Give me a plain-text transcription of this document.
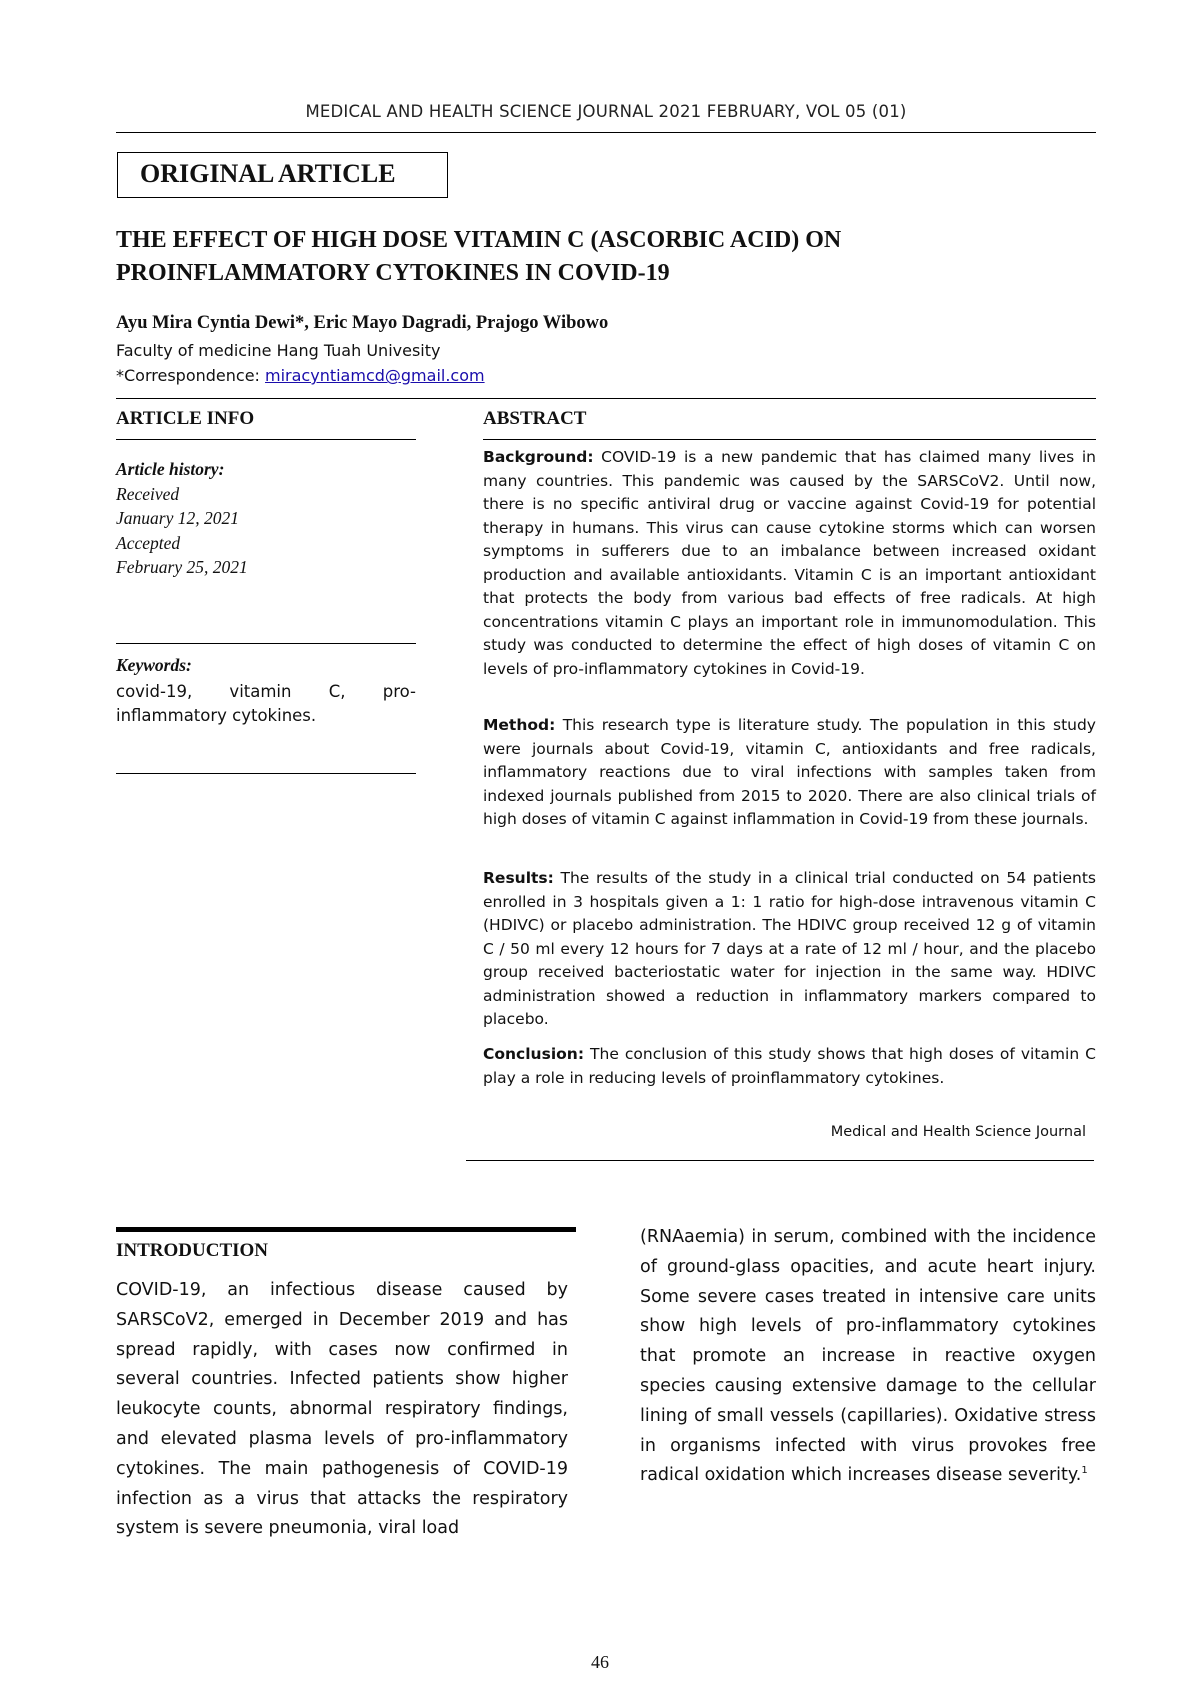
MEDICAL AND HEALTH SCIENCE JOURNAL 2021 FEBRUARY, VOL 05 (01)
ORIGINAL ARTICLE
THE EFFECT OF HIGH DOSE VITAMIN C (ASCORBIC ACID) ON PROINFLAMMATORY CYTOKINES IN COVID-19
Ayu Mira Cyntia Dewi*, Eric Mayo Dagradi, Prajogo Wibowo
Faculty of medicine Hang Tuah Univesity
*Correspondence: miracyntiamcd@gmail.com
ARTICLE INFO	ABSTRACT
Article history:
Received
January 12, 2021
Accepted
February 25, 2021
Keywords:
covid-19, vitamin C, pro-inflammatory cytokines.
Background: COVID-19 is a new pandemic that has claimed many lives in many countries. This pandemic was caused by the SARSCoV2. Until now, there is no specific antiviral drug or vaccine against Covid-19 for potential therapy in humans. This virus can cause cytokine storms which can worsen symptoms in sufferers due to an imbalance between increased oxidant production and available antioxidants. Vitamin C is an important antioxidant that protects the body from various bad effects of free radicals. At high concentrations vitamin C plays an important role in immunomodulation. This study was conducted to determine the effect of high doses of vitamin C on levels of pro-inflammatory cytokines in Covid-19.
Method: This research type is literature study. The population in this study were journals about Covid-19, vitamin C, antioxidants and free radicals, inflammatory reactions due to viral infections with samples taken from indexed journals published from 2015 to 2020. There are also clinical trials of high doses of vitamin C against inflammation in Covid-19 from these journals.
Results: The results of the study in a clinical trial conducted on 54 patients enrolled in 3 hospitals given a 1: 1 ratio for high-dose intravenous vitamin C (HDIVC) or placebo administration. The HDIVC group received 12 g of vitamin C / 50 ml every 12 hours for 7 days at a rate of 12 ml / hour, and the placebo group received bacteriostatic water for injection in the same way. HDIVC administration showed a reduction in inflammatory markers compared to placebo.
Conclusion: The conclusion of this study shows that high doses of vitamin C play a role in reducing levels of proinflammatory cytokines.
Medical and Health Science Journal
INTRODUCTION
COVID-19, an infectious disease caused by SARSCoV2, emerged in December 2019 and has spread rapidly, with cases now confirmed in several countries. Infected patients show higher leukocyte counts, abnormal respiratory findings, and elevated plasma levels of pro-inflammatory cytokines. The main pathogenesis of COVID-19 infection as a virus that attacks the respiratory system is severe pneumonia, viral load
(RNAaemia) in serum, combined with the incidence of ground-glass opacities, and acute heart injury. Some severe cases treated in intensive care units show high levels of pro-inflammatory cytokines that promote an increase in reactive oxygen species causing extensive damage to the cellular lining of small vessels (capillaries). Oxidative stress in organisms infected with virus provokes free radical oxidation which increases disease severity.$^1$
46
